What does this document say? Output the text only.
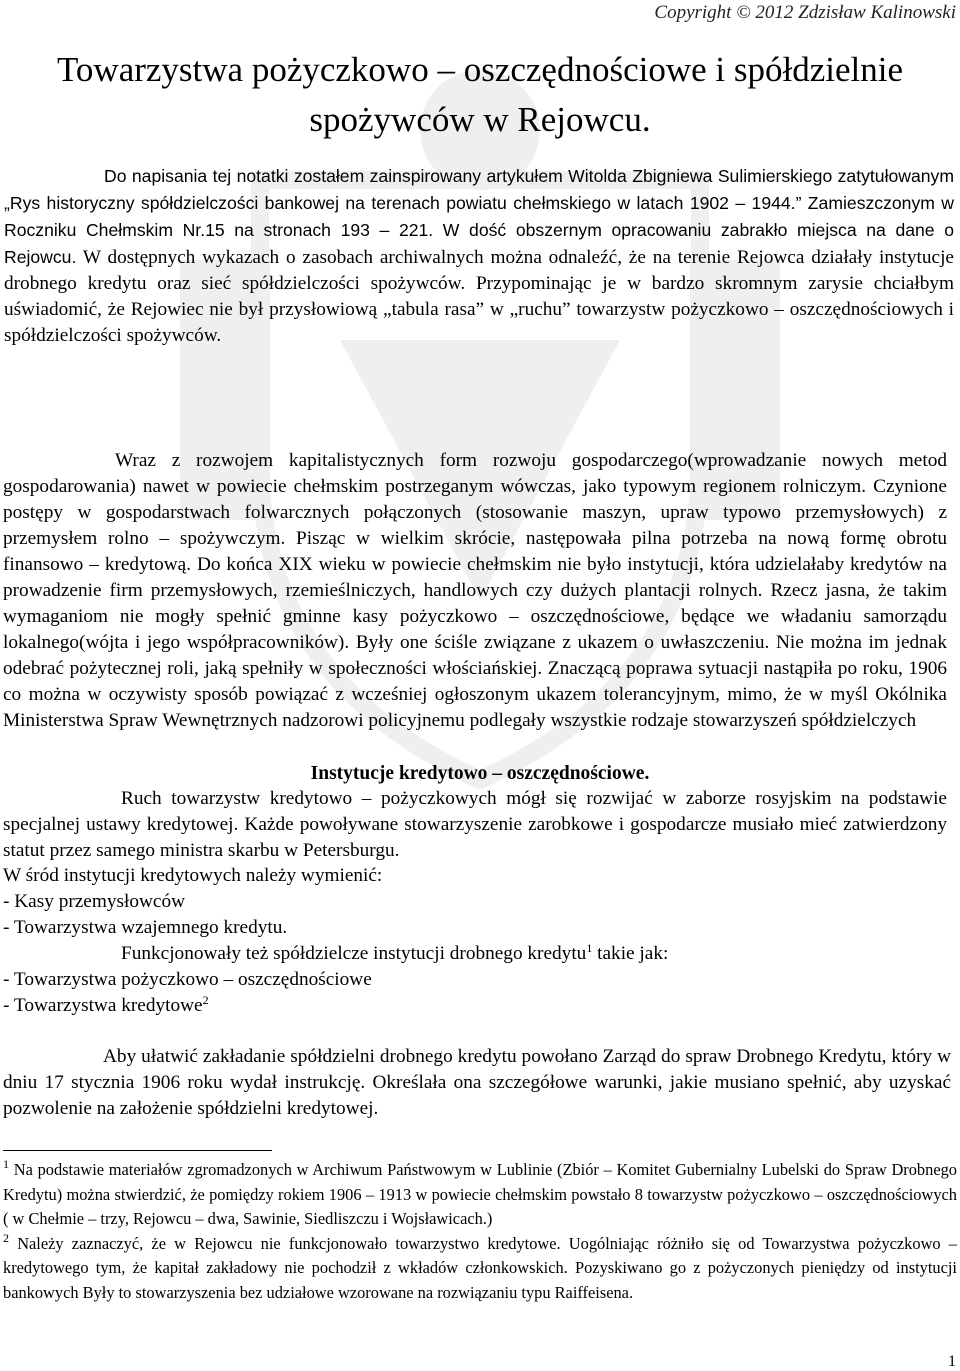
Copyright © 2012 Zdzisław Kalinowski
Towarzystwa pożyczkowo – oszczędnościowe i spółdzielnie
spożywców w Rejowcu.

Do napisania tej notatki zostałem zainspirowany artykułem Witolda Zbigniewa Sulimierskiego zatytułowanym „Rys historyczny spółdzielczości bankowej na terenach powiatu chełmskiego w latach 1902 – 1944.” Zamieszczonym w Roczniku Chełmskim Nr.15 na stronach 193 – 221. W dość obszernym opracowaniu zabrakło miejsca na dane o Rejowcu. W dostępnych wykazach o zasobach archiwalnych można odnaleźć, że na terenie Rejowca działały instytucje drobnego kredytu oraz sieć spółdzielczości spożywców. Przypominając je w bardzo skromnym zarysie chciałbym uświadomić, że Rejowiec nie był przysłowiową „tabula rasa” w „ruchu” towarzystw pożyczkowo – oszczędnościowych i spółdzielczości spożywców.

Instytucje kredytowo – oszczędnościowe.

Wraz z rozwojem kapitalistycznych form rozwoju gospodarczego(wprowadzanie nowych metod gospodarowania) nawet w powiecie chełmskim postrzeganym wówczas, jako typowym regionem rolniczym. Czynione postępy w gospodarstwach folwarcznych połączonych (stosowanie maszyn, upraw typowo przemysłowych) z przemysłem rolno – spożywczym. Pisząc w wielkim skrócie, następowała pilna potrzeba na nową formę obrotu finansowo – kredytową. Do końca XIX wieku w powiecie chełmskim nie było instytucji, która udzielałaby kredytów na prowadzenie firm przemysłowych, rzemieślniczych, handlowych czy dużych plantacji rolnych. Rzecz jasna, że takim wymaganiom nie mogły spełnić gminne kasy pożyczkowo – oszczędnościowe, będące we władaniu samorządu lokalnego(wójta i jego współpracowników). Były one ściśle związane z ukazem o uwłaszczeniu. Nie można im jednak odebrać pożytecznej roli, jaką spełniły w społeczności włościańskiej. Znaczącą poprawa sytuacji nastąpiła po roku, 1906 co można w oczywisty sposób powiązać z wcześniej ogłoszonym ukazem tolerancyjnym, mimo, że w myśl Okólnika Ministerstwa Spraw Wewnętrznych nadzorowi policyjnemu podlegały wszystkie rodzaje stowarzyszeń spółdzielczych

Ruch towarzystw kredytowo – pożyczkowych mógł się rozwijać w zaborze rosyjskim na podstawie specjalnej ustawy kredytowej. Każde powoływane stowarzyszenie zarobkowe i gospodarcze musiało mieć zatwierdzony statut przez samego ministra skarbu w Petersburgu.

W śród instytucji kredytowych należy wymienić:
- Kasy przemysłowców
- Towarzystwa wzajemnego kredytu.
Funkcjonowały też spółdzielcze instytucji drobnego kredytu$^1$ takie jak:
- Towarzystwa pożyczkowo – oszczędnościowe
- Towarzystwa kredytowe$^2$

Aby ułatwić zakładanie spółdzielni drobnego kredytu powołano Zarząd do spraw Drobnego Kredytu, który w dniu 17 stycznia 1906 roku wydał instrukcję. Określała ona szczegółowe warunki, jakie musiano spełnić, aby uzyskać pozwolenie na założenie spółdzielni kredytowej.

$^1$ Na podstawie materiałów zgromadzonych w Archiwum Państwowym w Lublinie (Zbiór – Komitet Gubernialny Lubelski do Spraw Drobnego Kredytu) można stwierdzić, że pomiędzy rokiem 1906 – 1913 w powiecie chełmskim powstało 8 towarzystw pożyczkowo – oszczędnościowych ( w Chełmie – trzy, Rejowcu – dwa, Sawinie, Siedliszczu i Wojsławicach.)

$^2$ Należy zaznaczyć, że w Rejowcu nie funkcjonowało towarzystwo kredytowe. Uogólniając różniło się od Towarzystwa pożyczkowo – kredytowego tym, że kapitał zakładowy nie pochodził z wkładów członkowskich. Pozyskiwano go z pożyczonych pieniędzy od instytucji bankowych Były to stowarzyszenia bez udziałowe wzorowane na rozwiązaniu typu Raiffeisena.

1
